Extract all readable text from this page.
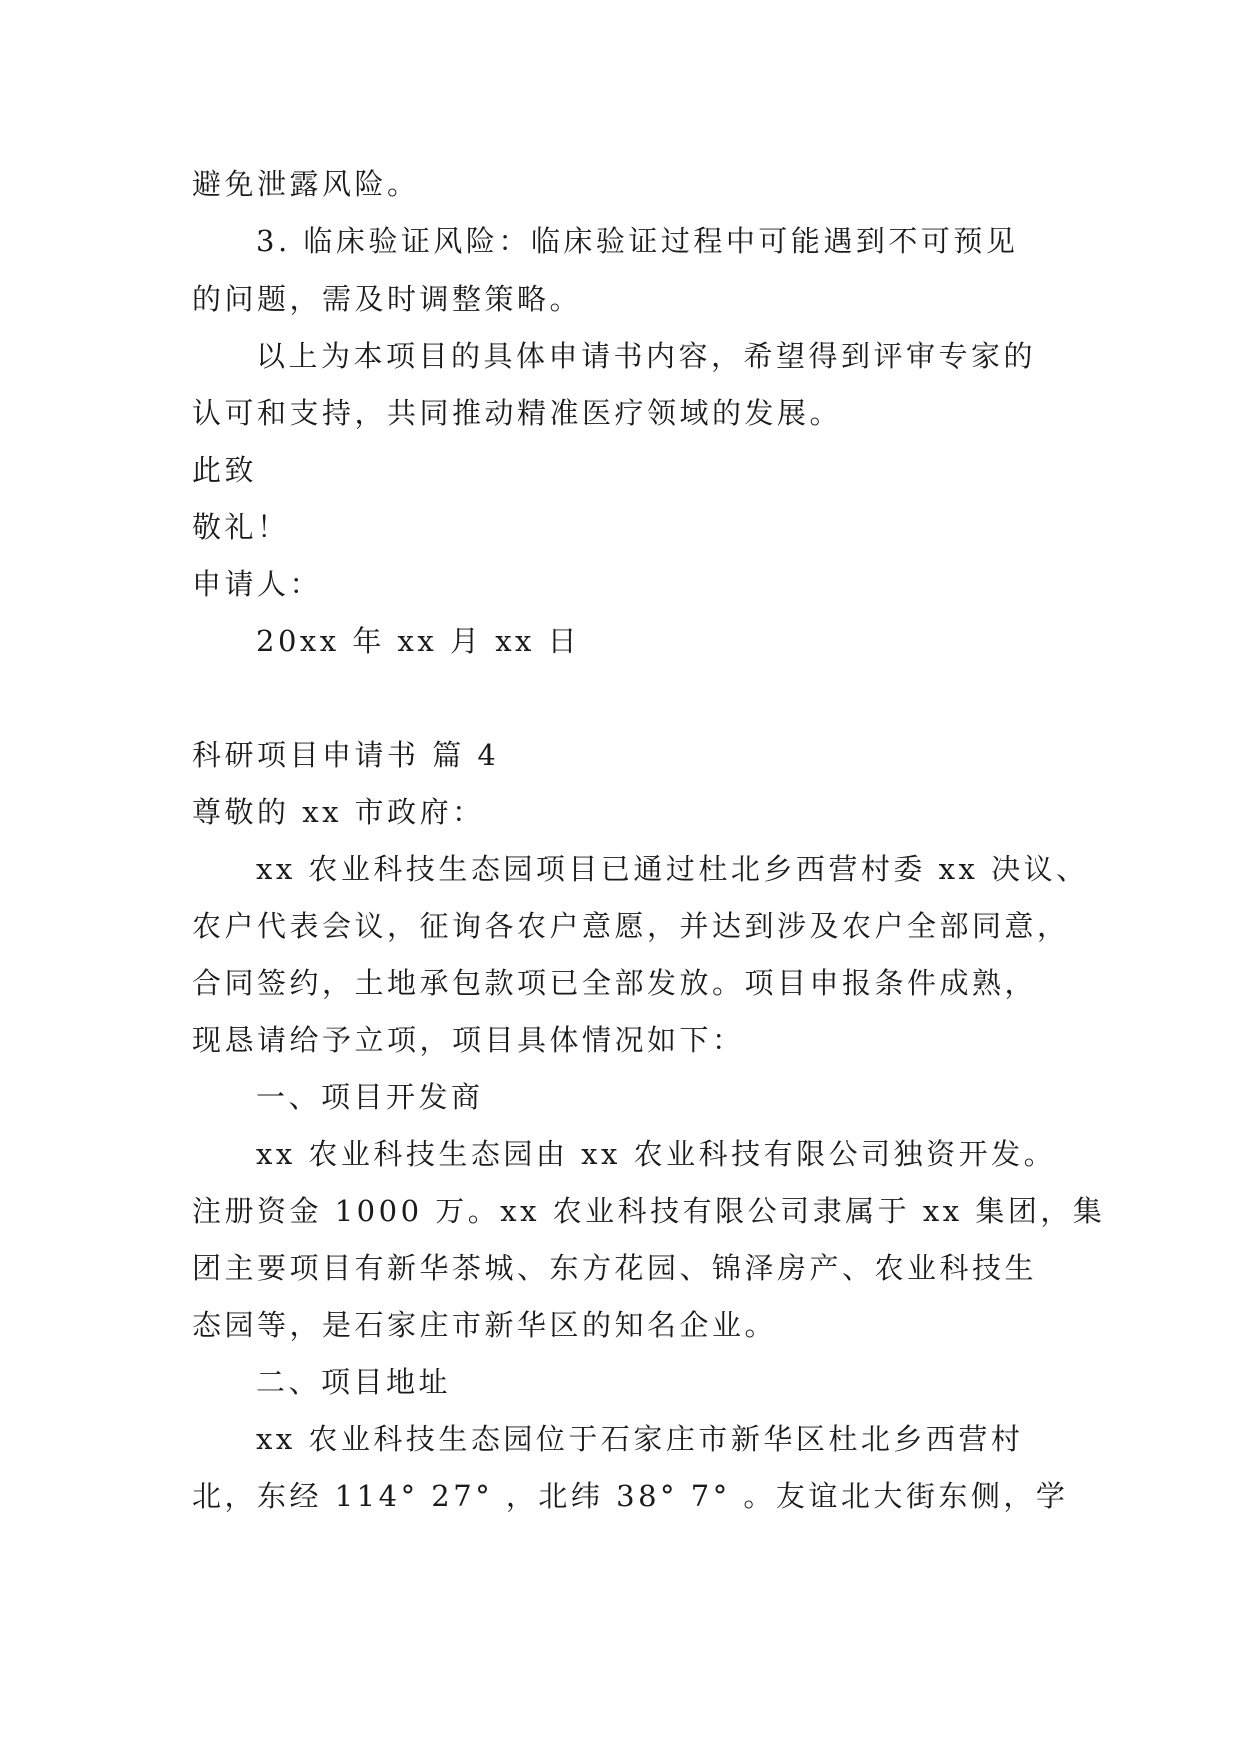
避免泄露风险。
3. 临床验证风险：临床验证过程中可能遇到不可预见
的问题，需及时调整策略。
以上为本项目的具体申请书内容，希望得到评审专家的
认可和支持，共同推动精准医疗领域的发展。
此致
敬礼！
申请人：
20xx 年 xx 月 xx 日
科研项目申请书 篇 4
尊敬的 xx 市政府：
xx 农业科技生态园项目已通过杜北乡西营村委 xx 决议、
农户代表会议，征询各农户意愿，并达到涉及农户全部同意，
合同签约，土地承包款项已全部发放。项目申报条件成熟，
现恳请给予立项，项目具体情况如下：
一、项目开发商
xx 农业科技生态园由 xx 农业科技有限公司独资开发。
注册资金 1000 万。xx 农业科技有限公司隶属于 xx 集团，集
团主要项目有新华茶城、东方花园、锦泽房产、农业科技生
态园等，是石家庄市新华区的知名企业。
二、项目地址
xx 农业科技生态园位于石家庄市新华区杜北乡西营村
北，东经 114° 27° ，北纬 38° 7° 。友谊北大街东侧，学
